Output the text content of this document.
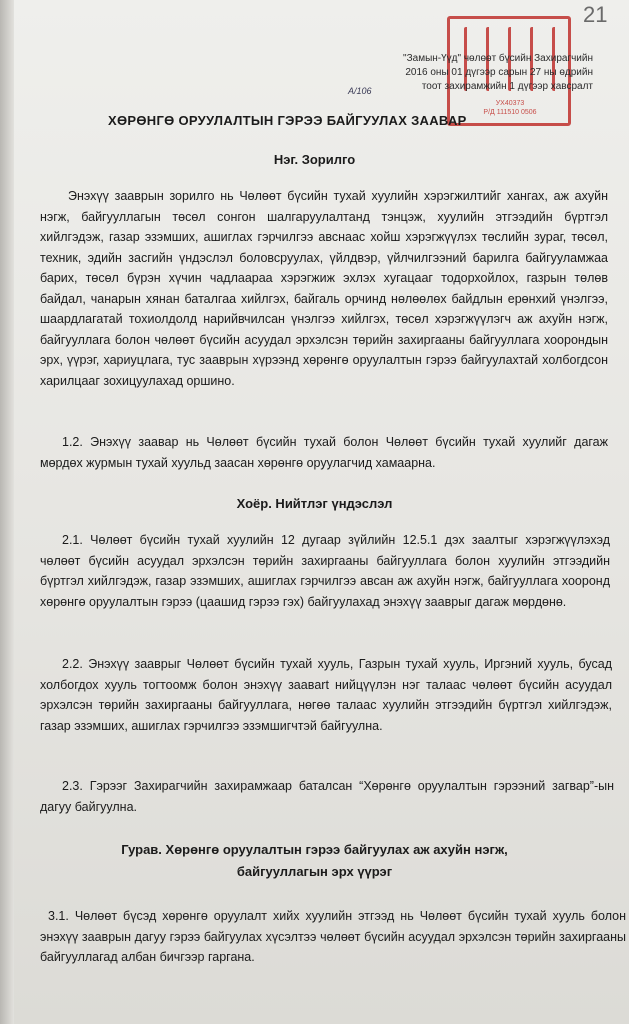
21
УХ40373
Р/Д 111510 0506
"Замын-Үүд" чөлөөт бүсийн Захирагчийн
2016 оны 01 дүгээр сарын 27 ны өдрийн
тоот захирамжийн 1 дүгээр хавсралт
A/106
ХӨРӨНГӨ ОРУУЛАЛТЫН ГЭРЭЭ БАЙГУУЛАХ ЗААВАР
Нэг. Зорилго

Энэхүү зааврын зорилго нь Чөлөөт бүсийн тухай хуулийн хэрэгжилтийг хангах, аж ахуйн нэгж, байгууллагын төсөл сонгон шалгаруулалтанд тэнцэж, хуулийн этгээдийн бүртгэл хийлгэдэж, газар эзэмших, ашиглах гэрчилгээ авснаас хойш хэрэгжүүлэх төслийн зураг, төсөл, техник, эдийн засгийн үндэслэл боловсруулах, үйлдвэр, үйлчилгээний барилга байгууламжаа барих, төсөл бүрэн хүчин чадлаараа хэрэгжиж эхлэх хугацааг тодорхойлох, газрын төлөв байдал, чанарын хянан баталгаа хийлгэх, байгаль орчинд нөлөөлөх байдлын ерөнхий үнэлгээ, шаардлагатай тохиолдолд нарийвчилсан үнэлгээ хийлгэх, төсөл хэрэгжүүлэгч аж ахуйн нэгж, байгууллага болон чөлөөт бүсийн асуудал эрхэлсэн төрийн захиргааны байгууллага хоорондын эрх, үүрэг, хариуцлага, тус зааврын хүрээнд хөрөнгө оруулалтын гэрээ байгуулахтай холбогдсон харилцааг зохицуулахад оршино.

1.2. Энэхүү заавар нь Чөлөөт бүсийн тухай болон Чөлөөт бүсийн тухай хуулийг дагаж мөрдөх журмын тухай хуульд заасан хөрөнгө оруулагчид хамаарна.

Хоёр. Нийтлэг үндэслэл

2.1. Чөлөөт бүсийн тухай хуулийн 12 дугаар зүйлийн 12.5.1 дэх заалтыг хэрэгжүүлэхэд чөлөөт бүсийн асуудал эрхэлсэн төрийн захиргааны байгууллага болон хуулийн этгээдийн бүртгэл хийлгэдэж, газар эзэмших, ашиглах гэрчилгээ авсан аж ахуйн нэгж, байгууллага хооронд хөрөнгө оруулалтын гэрээ (цаашид гэрээ гэх) байгуулахад энэхүү зааврыг дагаж мөрдөнө.

2.2. Энэхүү зааврыг Чөлөөт бүсийн тухай хууль, Газрын тухай хууль, Иргэний хууль, бусад холбогдох хууль тогтоомж болон энэхүү заавart нийцүүлэн нэг талаас чөлөөт бүсийн асуудал эрхэлсэн төрийн захиргааны байгууллага, нөгөө талаас хуулийн этгээдийн бүртгэл хийлгэдэж, газар эзэмших, ашиглах гэрчилгээ эзэмшигчтэй байгуулна.

2.3. Гэрээг Захирагчийн захирамжаар баталсан “Хөрөнгө оруулалтын гэрээний загвар”-ын дагуу байгуулна.

Гурав. Хөрөнгө оруулалтын гэрээ байгуулах аж ахуйн нэгж,
байгууллагын эрх үүрэг

3.1. Чөлөөт бүсэд хөрөнгө оруулалт хийх хуулийн этгээд нь Чөлөөт бүсийн тухай хууль болон энэхүү зааврын дагуу гэрээ байгуулах хүсэлтээ чөлөөт бүсийн асуудал эрхэлсэн төрийн захиргааны байгууллагад албан бичгээр гаргана.
